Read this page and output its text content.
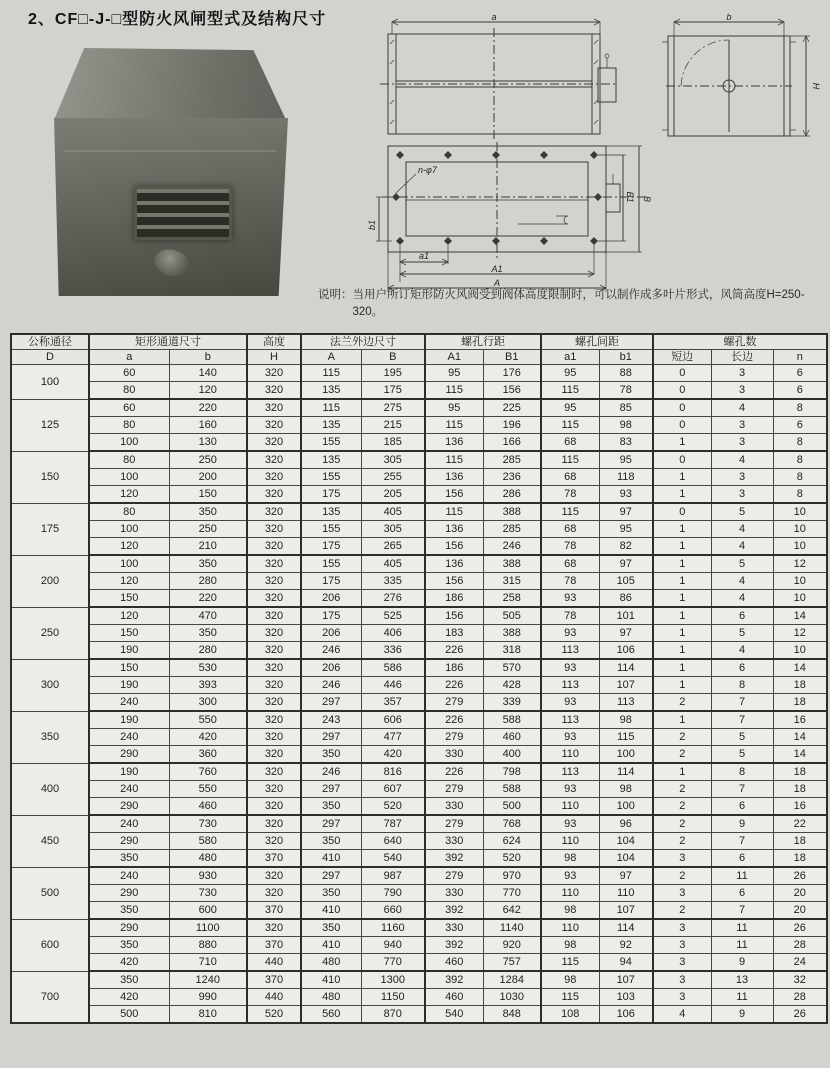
2、CF□-J-□型防火风闸型式及结构尺寸	a	b
H
n-φ7
b1
a1
A1
A
B1 B
说明： 当用户所订矩形防火风阀受到阀体高度限制时，可以制作成多叶片形式，风筒高度H=250-320。
公称通径	矩形通道尺寸		高度	法兰外边尺寸		螺孔行距		螺孔间距		螺孔数		
D	a	b	H	A	B	A1	B1	a1	b1	短边	长边	n
100	60	140	320	115	195	95	176	95	88	0	3	6
	80	120	320	135	175	115	156	115	78	0	3	6
125	60	220	320	115	275	95	225	95	85	0	4	8
	80	160	320	135	215	115	196	115	98	0	3	6
	100	130	320	155	185	136	166	68	83	1	3	8
150	80	250	320	135	305	115	285	115	95	0	4	8
	100	200	320	155	255	136	236	68	118	1	3	8
	120	150	320	175	205	156	286	78	93	1	3	8
175	80	350	320	135	405	115	388	115	97	0	5	10
	100	250	320	155	305	136	285	68	95	1	4	10
	120	210	320	175	265	156	246	78	82	1	4	10
200	100	350	320	155	405	136	388	68	97	1	5	12
	120	280	320	175	335	156	315	78	105	1	4	10
	150	220	320	206	276	186	258	93	86	1	4	10
250	120	470	320	175	525	156	505	78	101	1	6	14
	150	350	320	206	406	183	388	93	97	1	5	12
	190	280	320	246	336	226	318	113	106	1	4	10
300	150	530	320	206	586	186	570	93	114	1	6	14
	190	393	320	246	446	226	428	113	107	1	8	18
	240	300	320	297	357	279	339	93	113	2	7	18
350	190	550	320	243	606	226	588	113	98	1	7	16
	240	420	320	297	477	279	460	93	115	2	5	14
	290	360	320	350	420	330	400	110	100	2	5	14
400	190	760	320	246	816	226	798	113	114	1	8	18
	240	550	320	297	607	279	588	93	98	2	7	18
	290	460	320	350	520	330	500	110	100	2	6	16
450	240	730	320	297	787	279	768	93	96	2	9	22
	290	580	320	350	640	330	624	110	104	2	7	18
	350	480	370	410	540	392	520	98	104	3	6	18
500	240	930	320	297	987	279	970	93	97	2	11	26
	290	730	320	350	790	330	770	110	110	3	6	20
	350	600	370	410	660	392	642	98	107	2	7	20
600	290	1100	320	350	1160	330	1140	110	114	3	11	26
	350	880	370	410	940	392	920	98	92	3	11	28
	420	710	440	480	770	460	757	115	94	3	9	24
700	350	1240	370	410	1300	392	1284	98	107	3	13	32
	420	990	440	480	1150	460	1030	115	103	3	11	28
	500	810	520	560	870	540	848	108	106	4	9	26
